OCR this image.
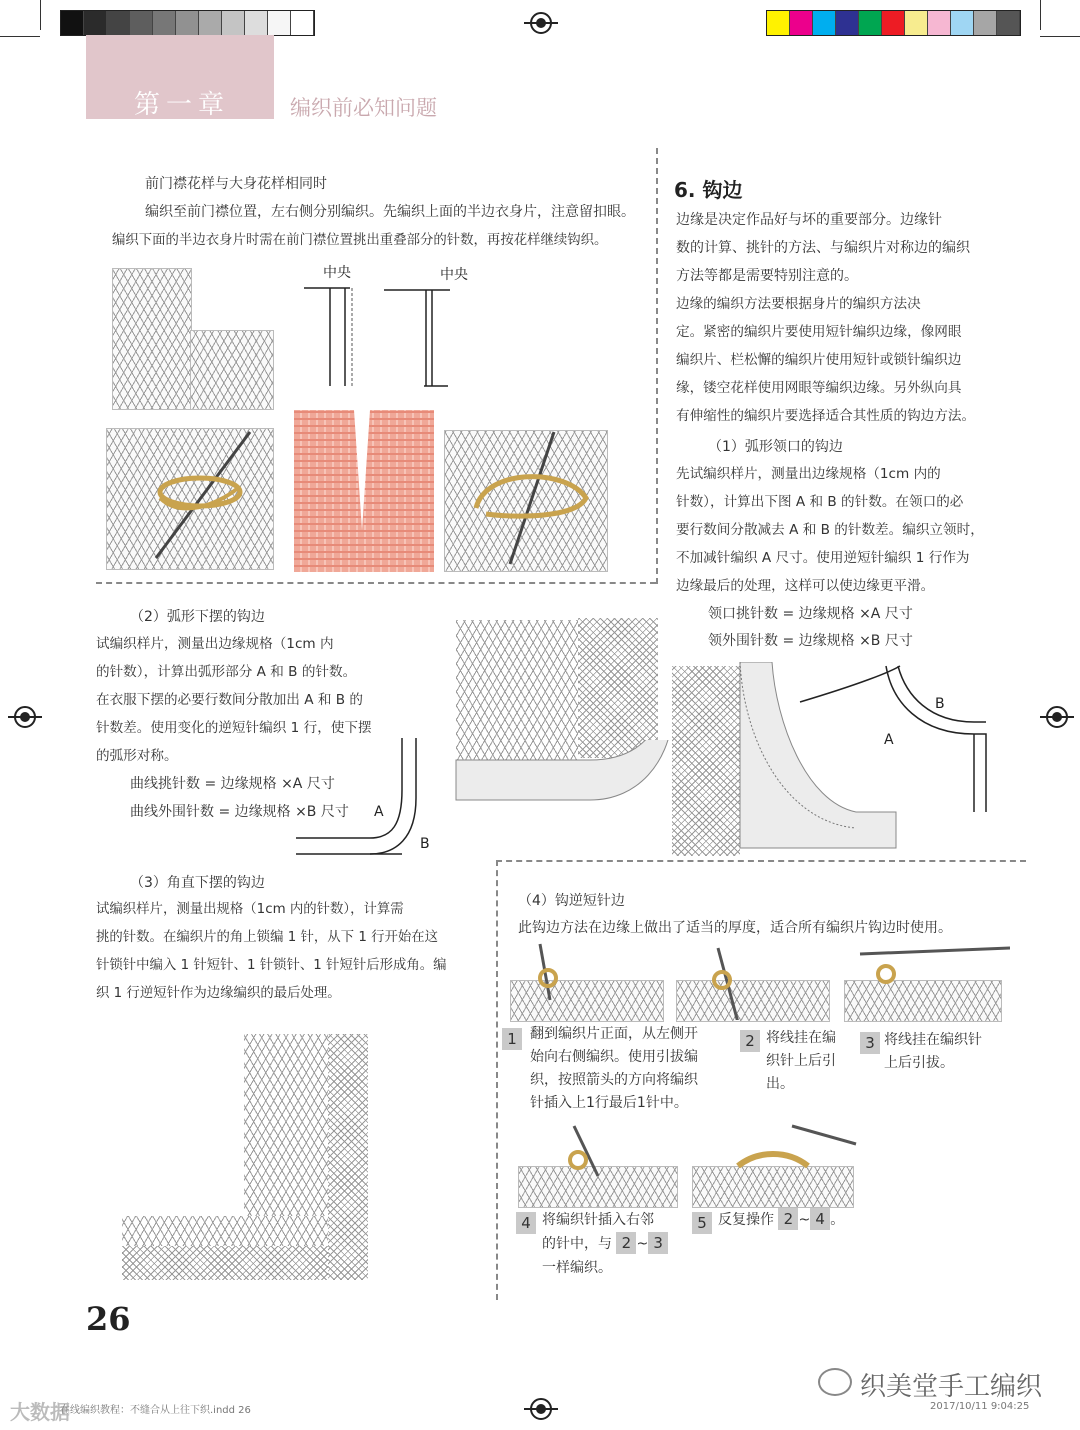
第一章	编织前必知问题
前门襟花样与大身花样相同时
编织至前门襟位置，左右侧分别编织。先编织上面的半边衣身片，注意留扣眼。
编织下面的半边衣身片时需在前门襟位置挑出重叠部分的针数，再按花样继续钩织。
中央	中央
6. 钩边
边缘是决定作品好与坏的重要部分。边缘针
数的计算、挑针的方法、与编织片对称边的编织
方法等都是需要特别注意的。
边缘的编织方法要根据身片的编织方法决
定。紧密的编织片要使用短针编织边缘，像网眼
编织片、栏松懈的编织片使用短针或锁针编织边
缘，镂空花样使用网眼等编织边缘。另外纵向具
有伸缩性的编织片要选择适合其性质的钩边方法。
（1）弧形领口的钩边
先试编织样片，测量出边缘规格（1cm 内的
针数），计算出下图 A 和 B 的针数。在领口的必
要行数间分散减去 A 和 B 的针数差。编织立领时，
不加减针编织 A 尺寸。使用逆短针编织 1 行作为
边缘最后的处理，这样可以使边缘更平滑。
领口挑针数 = 边缘规格 ×A 尺寸
领外围针数 = 边缘规格 ×B 尺寸
B
A
（2）弧形下摆的钩边
试编织样片，测量出边缘规格（1cm 内
的针数），计算出弧形部分 A 和 B 的针数。
在衣服下摆的必要行数间分散加出 A 和 B 的
针数差。使用变化的逆短针编织 1 行，使下摆
的弧形对称。
曲线挑针数 = 边缘规格 ×A 尺寸
曲线外围针数 = 边缘规格 ×B 尺寸 A
B
（3）角直下摆的钩边
试编织样片，测量出规格（1cm 内的针数），计算需
挑的针数。在编织片的角上锁编 1 针，从下 1 行开始在这
针锁针中编入 1 针短针、1 针锁针、1 针短针后形成角。编
织 1 行逆短针作为边缘编织的最后处理。
（4）钩逆短针边
此钩边方法在边缘上做出了适当的厚度，适合所有编织片钩边时使用。
1 翻到编织片正面，从左侧开
始向右侧编织。使用引拔编
织，按照箭头的方向将编织
针插入上1行最后1针中。
2 将线挂在编
织针上后引
出。
3 将线挂在编织针
上后引拔。
4 将编织针插入右邻
的针中，与 2 ~ 3
一样编织。
5 反复操作 2 ~ 4 。
26
织美堂手工编织
大数据
在线编织教程：不缝合从上往下织.indd 26	2017/10/11 9:04:25
